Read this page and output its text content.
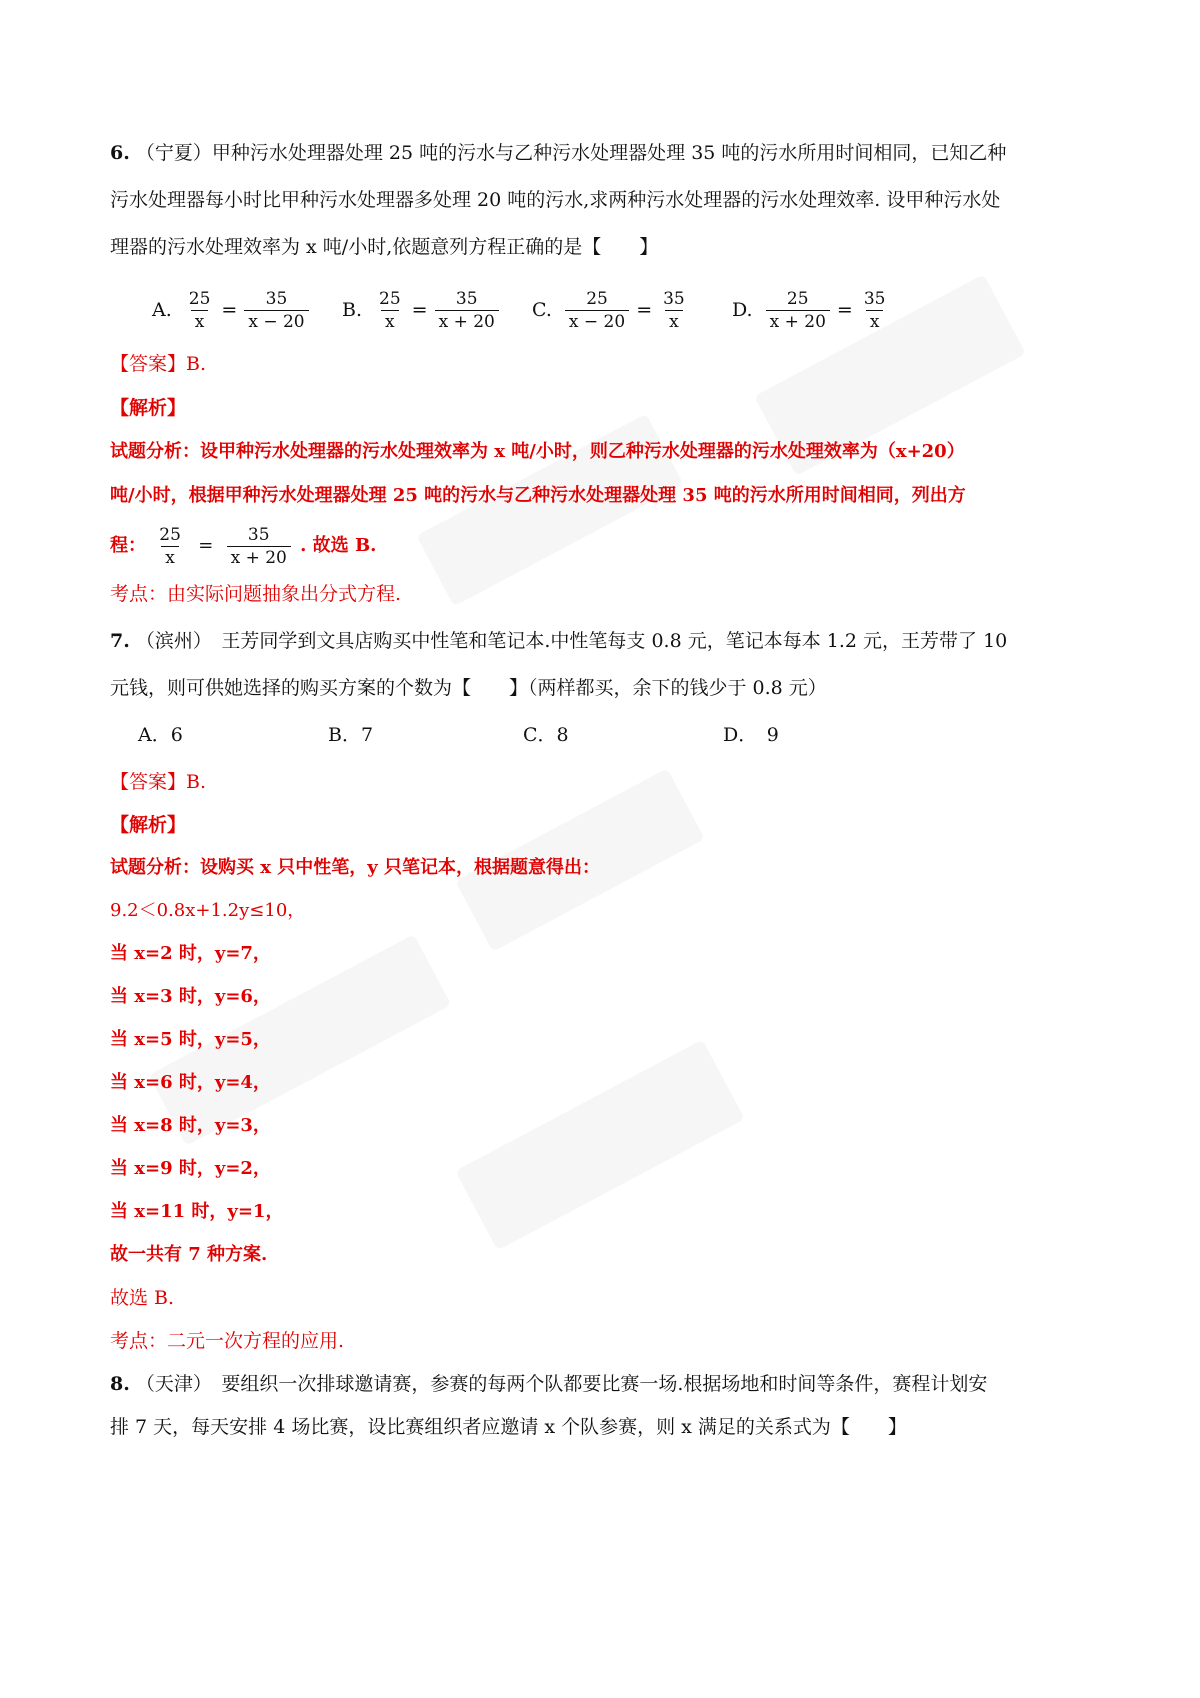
6. （宁夏）甲种污水处理器处理 25 吨的污水与乙种污水处理器处理 35 吨的污水所用时间相同，已知乙种
污水处理器每小时比甲种污水处理器多处理 20 吨的污水,求两种污水处理器的污水处理效率. 设甲种污水处
理器的污水处理效率为 x 吨/小时,依题意列方程正确的是【　　】
A. $\frac{25}{x} = \frac{35}{x - 20} B$. $\frac{25}{x} = \frac{35}{x + 20} C$. $\frac{25}{x - 20} = \frac{35}{x} D$. $\frac{25}{x + 20} = \frac{35}{x}$
【答案】B.
【解析】
试题分析：设甲种污水处理器的污水处理效率为 x 吨/小时，则乙种污水处理器的污水处理效率为（x+20）
吨/小时，根据甲种污水处理器处理 25 吨的污水与乙种污水处理器处理 35 吨的污水所用时间相同，列出方
程： $\frac{25}{x} = \frac{35}{x + 20}$ . 故选 B.
考点：由实际问题抽象出分式方程.
7. （滨州）　王芳同学到文具店购买中性笔和笔记本.中性笔每支 0.8 元，笔记本每本 1.2 元，王芳带了 10
元钱，则可供她选择的购买方案的个数为【　　】（两样都买，余下的钱少于 0.8 元）
A．6	B．7	C．8	D．　9
【答案】B.
【解析】
试题分析：设购买 x 只中性笔，y 只笔记本，根据题意得出：
9.2＜0.8x+1.2y≤10，
当 x=2 时，y=7，
当 x=3 时，y=6，
当 x=5 时，y=5，
当 x=6 时，y=4，
当 x=8 时，y=3，
当 x=9 时，y=2，
当 x=11 时，y=1，
故一共有 7 种方案.
故选 B.
考点：二元一次方程的应用.
8. （天津）　要组织一次排球邀请赛，参赛的每两个队都要比赛一场.根据场地和时间等条件，赛程计划安
排 7 天，每天安排 4 场比赛，设比赛组织者应邀请 x 个队参赛，则 x 满足的关系式为【　　】
